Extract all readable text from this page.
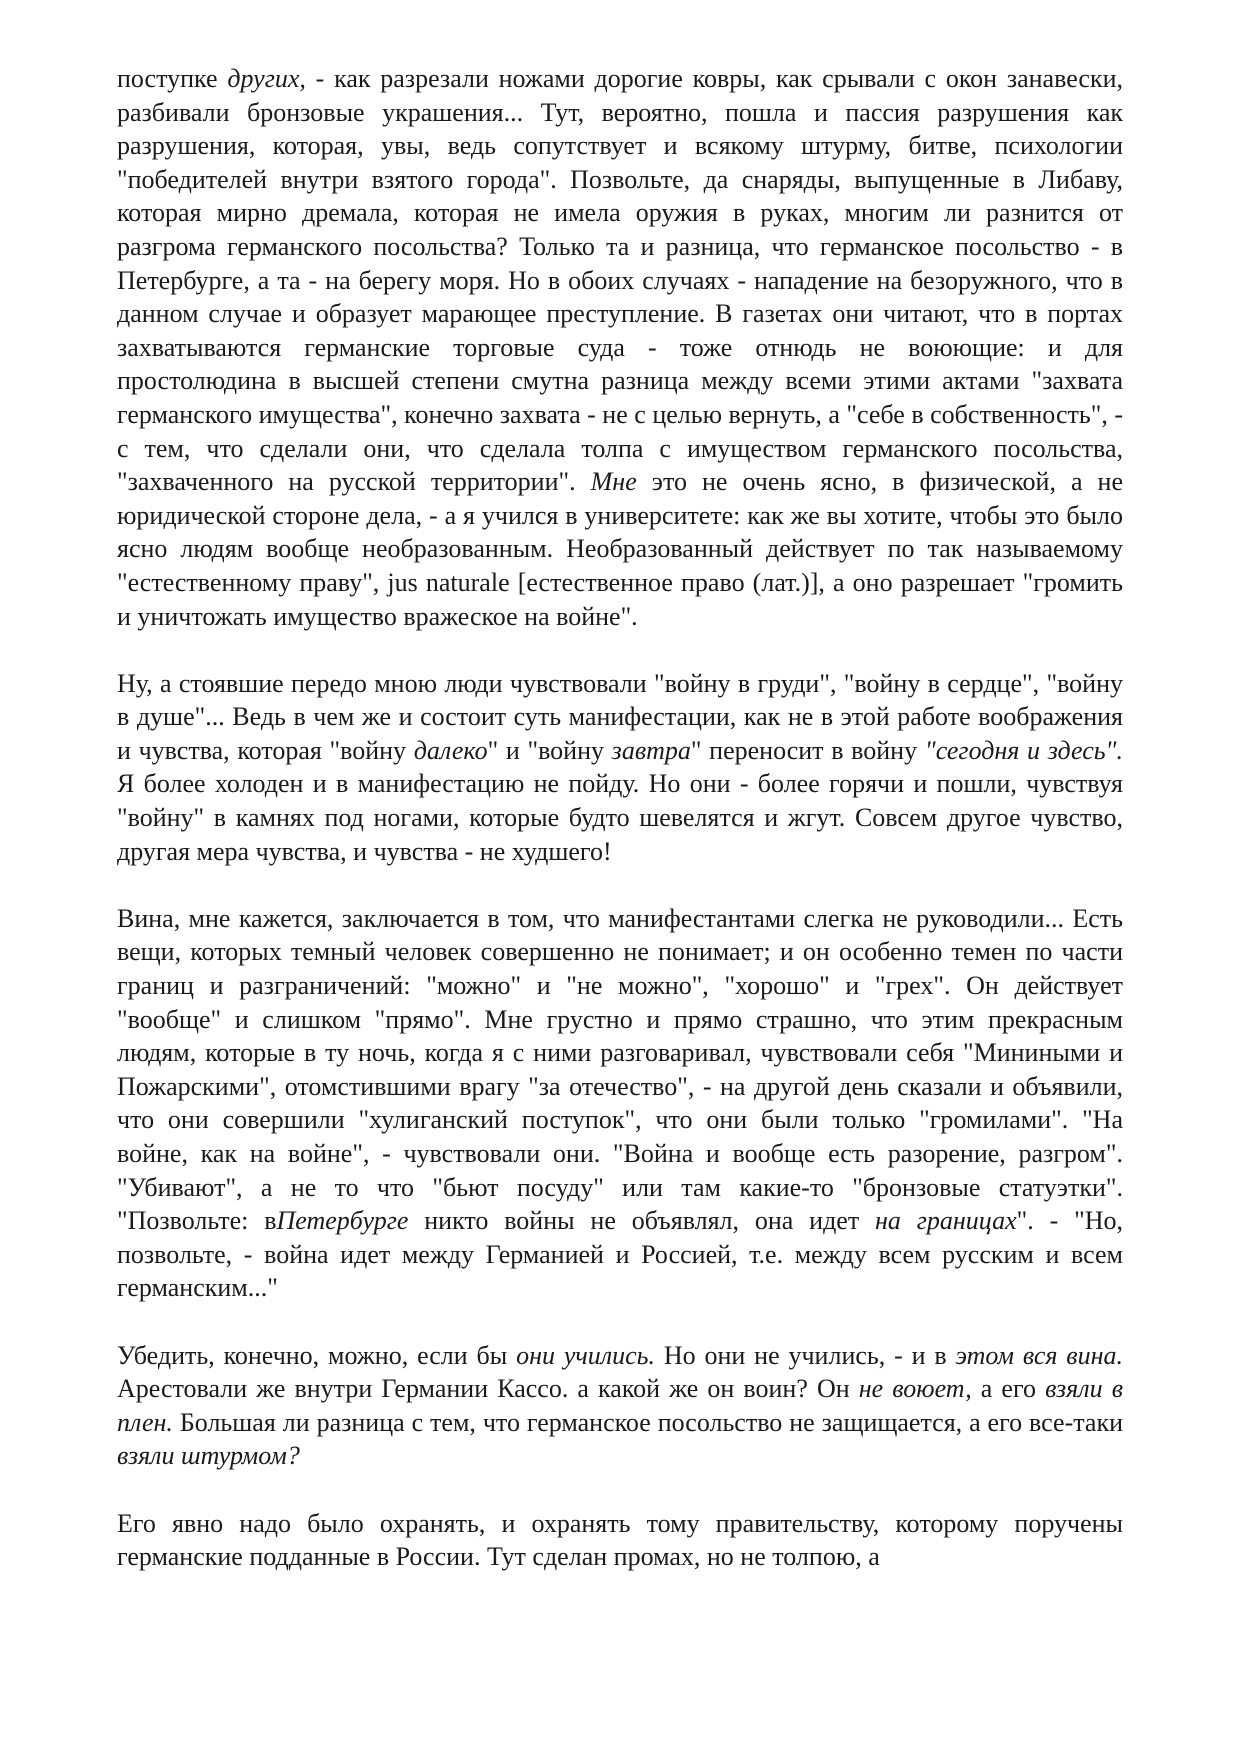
поступке других, - как разрезали ножами дорогие ковры, как срывали с окон занавески, разбивали бронзовые украшения... Тут, вероятно, пошла и пассия разрушения как разрушения, которая, увы, ведь сопутствует и всякому штурму, битве, психологии "победителей внутри взятого города". Позвольте, да снаряды, выпущенные в Либаву, которая мирно дремала, которая не имела оружия в руках, многим ли разнится от разгрома германского посольства? Только та и разница, что германское посольство - в Петербурге, а та - на берегу моря. Но в обоих случаях - нападение на безоружного, что в данном случае и образует марающее преступление. В газетах они читают, что в портах захватываются германские торговые суда - тоже отнюдь не воюющие: и для простолюдина в высшей степени смутна разница между всеми этими актами "захвата германского имущества", конечно захвата - не с целью вернуть, а "себе в собственность", - с тем, что сделали они, что сделала толпа с имуществом германского посольства, "захваченного на русской территории". Мне это не очень ясно, в физической, а не юридической стороне дела, - а я учился в университете: как же вы хотите, чтобы это было ясно людям вообще необразованным. Необразованный действует по так называемому "естественному праву", jus naturale [естественное право (лат.)], а оно разрешает "громить и уничтожать имущество вражеское на войне".

Ну, а стоявшие передо мною люди чувствовали "войну в груди", "войну в сердце", "войну в душе"... Ведь в чем же и состоит суть манифестации, как не в этой работе воображения и чувства, которая "войну далеко" и "войну завтра" переносит в войну "сегодня и здесь". Я более холоден и в манифестацию не пойду. Но они - более горячи и пошли, чувствуя "войну" в камнях под ногами, которые будто шевелятся и жгут. Совсем другое чувство, другая мера чувства, и чувства - не худшего!

Вина, мне кажется, заключается в том, что манифестантами слегка не руководили... Есть вещи, которых темный человек совершенно не понимает; и он особенно темен по части границ и разграничений: "можно" и "не можно", "хорошо" и "грех". Он действует "вообще" и слишком "прямо". Мне грустно и прямо страшно, что этим прекрасным людям, которые в ту ночь, когда я с ними разговаривал, чувствовали себя "Миниными и Пожарскими", отомстившими врагу "за отечество", - на другой день сказали и объявили, что они совершили "хулиганский поступок", что они были только "громилами". "На войне, как на войне", - чувствовали они. "Война и вообще есть разорение, разгром". "Убивают", а не то что "бьют посуду" или там какие-то "бронзовые статуэтки". "Позвольте: вПетербурге никто войны не объявлял, она идет на границах". - "Но, позвольте, - война идет между Германией и Россией, т.е. между всем русским и всем германским..."

Убедить, конечно, можно, если бы они учились. Но они не учились, - и в этом вся вина. Арестовали же внутри Германии Кассо. а какой же он воин? Он не воюет, а его взяли в плен. Большая ли разница с тем, что германское посольство не защищается, а его все-таки взяли штурмом?

Его явно надо было охранять, и охранять тому правительству, которому поручены германские подданные в России. Тут сделан промах, но не толпою, а
